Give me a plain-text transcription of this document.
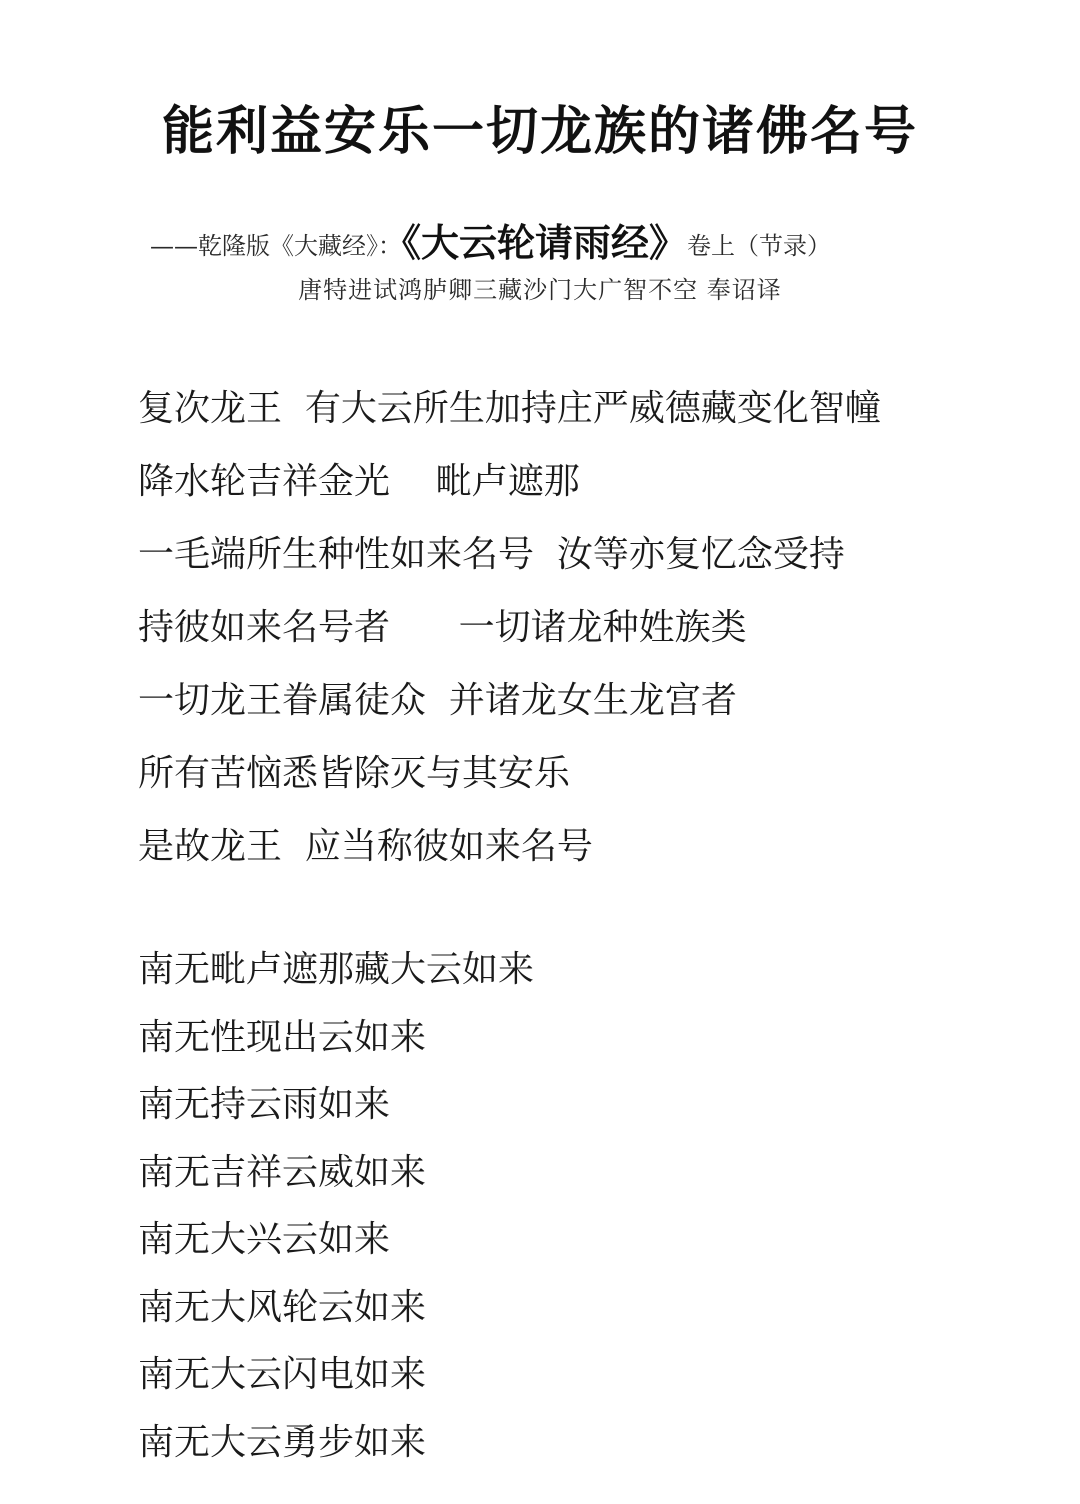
能利益安乐一切龙族的诸佛名号
——乾隆版《大藏经》：《大云轮请雨经》卷上（节录）
唐特进试鸿胪卿三藏沙门大广智不空 奉诏译
复次龙王  有大云所生加持庄严威德藏变化智幢
降水轮吉祥金光    毗卢遮那
一毛端所生种性如来名号  汝等亦复忆念受持
持彼如来名号者      一切诸龙种姓族类
一切龙王眷属徒众  并诸龙女生龙宫者
所有苦恼悉皆除灭与其安乐
是故龙王  应当称彼如来名号
南无毗卢遮那藏大云如来
南无性现出云如来
南无持云雨如来
南无吉祥云威如来
南无大兴云如来
南无大风轮云如来
南无大云闪电如来
南无大云勇步如来
